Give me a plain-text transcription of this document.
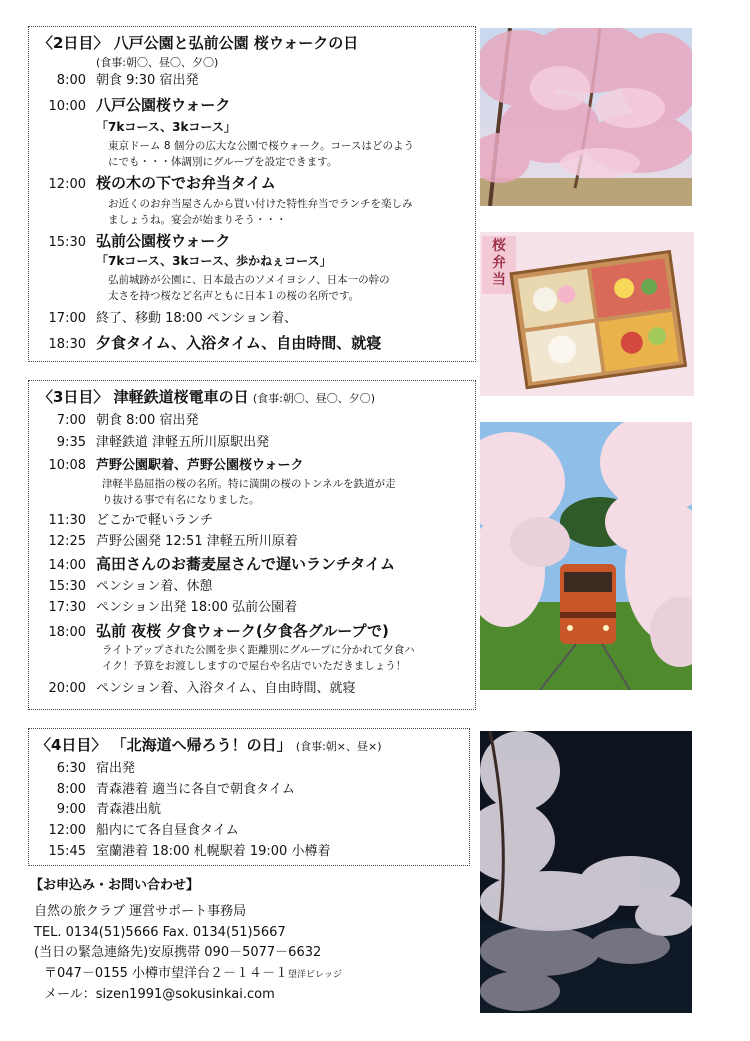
〈2日目〉 八戸公園と弘前公園 桜ウォークの日
(食事:朝〇、昼〇、夕〇)
8:00 朝食 9:30 宿出発
10:00 八戸公園桜ウォーク
「7kコース、3kコース」
東京ドーム 8 個分の広大な公園で桜ウォーク。コースはどのよう
にでも・・・体調別にグループを設定できます。
12:00 桜の木の下でお弁当タイム
お近くのお弁当屋さんから買い付けた特性弁当でランチを楽しみ
ましょうね。宴会が始まりそう・・・
15:30 弘前公園桜ウォーク
「7kコース、3kコース、歩かねぇコース」
弘前城跡が公園に、日本最古のソメイヨシノ、日本一の幹の
太さを持つ桜など名声ともに日本１の桜の名所です。
17:00 終了、移動 18:00 ペンション着、
18:30 夕食タイム、入浴タイム、自由時間、就寝
〈3日目〉 津軽鉄道桜電車の日 (食事:朝〇、昼〇、夕〇)
7:00 朝食 8:00 宿出発
9:35 津軽鉄道 津軽五所川原駅出発
10:08 芦野公園駅着、芦野公園桜ウォーク
津軽半島屈指の桜の名所。特に満開の桜のトンネルを鉄道が走
り抜ける事で有名になりました。
11:30 どこかで軽いランチ
12:25 芦野公園発 12:51 津軽五所川原着
14:00 高田さんのお蕎麦屋さんで遅いランチタイム
15:30 ペンション着、休憩
17:30 ペンション出発 18:00 弘前公園着
18:00 弘前 夜桜 夕食ウォーク(夕食各グループで)
ライトアップされた公園を歩く距離別にグループに分かれて夕食ハ
イク！予算をお渡ししますので屋台や名店でいただきましょう！
20:00 ペンション着、入浴タイム、自由時間、就寝
〈4日目〉 「北海道へ帰ろう！の日」 (食事:朝×、昼×)
6:30 宿出発
8:00 青森港着 適当に各自で朝食タイム
9:00 青森港出航
12:00 船内にて各自昼食タイム
15:45 室蘭港着 18:00 札幌駅着 19:00 小樽着
【お申込み・お問い合わせ】
自然の旅クラブ 運営サポート事務局
TEL. 0134(51)5666 Fax. 0134(51)5667
(当日の緊急連絡先)安原携帯 090－5077－6632
〒047－0155 小樽市望洋台２－１４－１望洋ビレッジ
メール：sizen1991@sokusinkai.com
桜弁当
